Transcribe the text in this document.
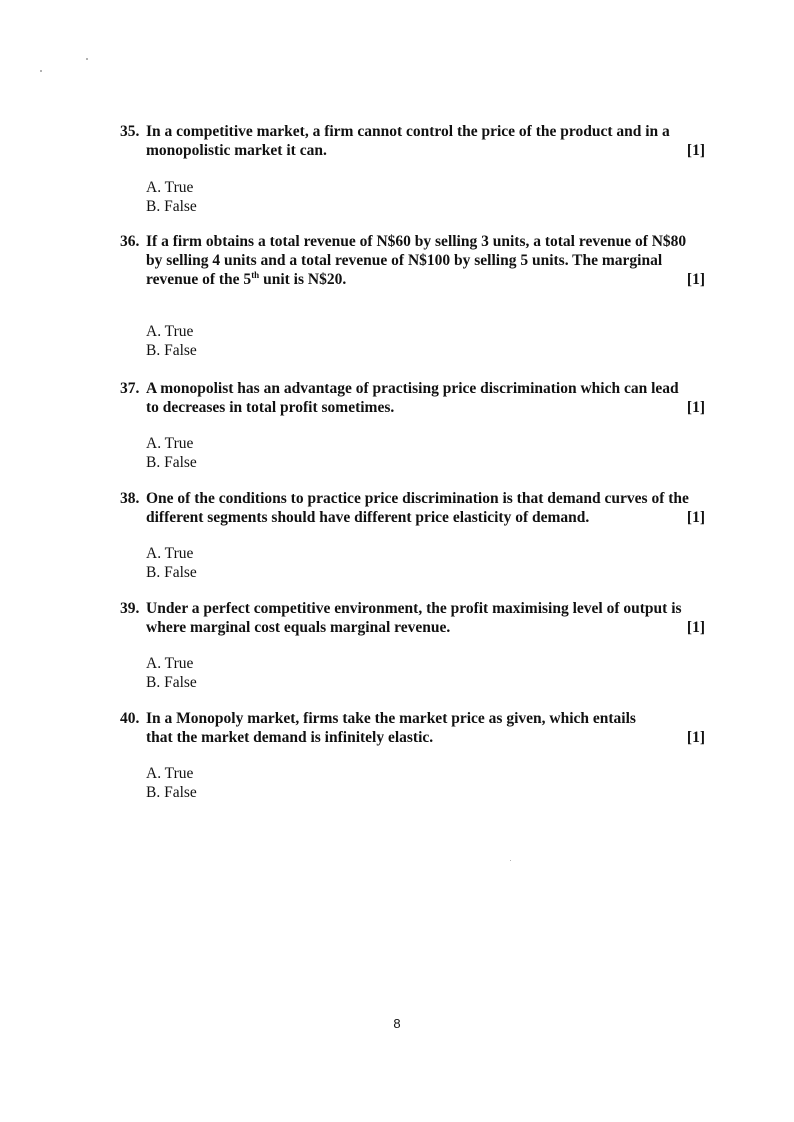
35. In a competitive market, a firm cannot control the price of the product and in a
monopolistic market it can.	[1]
A. True
B. False
36. If a firm obtains a total revenue of N$60 by selling 3 units, a total revenue of N$80
by selling 4 units and a total revenue of N$100 by selling 5 units. The marginal
revenue of the 5th unit is N$20.	[1]
A. True
B. False
37. A monopolist has an advantage of practising price discrimination which can lead
to decreases in total profit sometimes.	[1]
A. True
B. False
38. One of the conditions to practice price discrimination is that demand curves of the
different segments should have different price elasticity of demand.	[1]
A. True
B. False
39. Under a perfect competitive environment, the profit maximising level of output is
where marginal cost equals marginal revenue.	[1]
A. True
B. False
40. In a Monopoly market, firms take the market price as given, which entails
that the market demand is infinitely elastic.	[1]
A. True
B. False
8
